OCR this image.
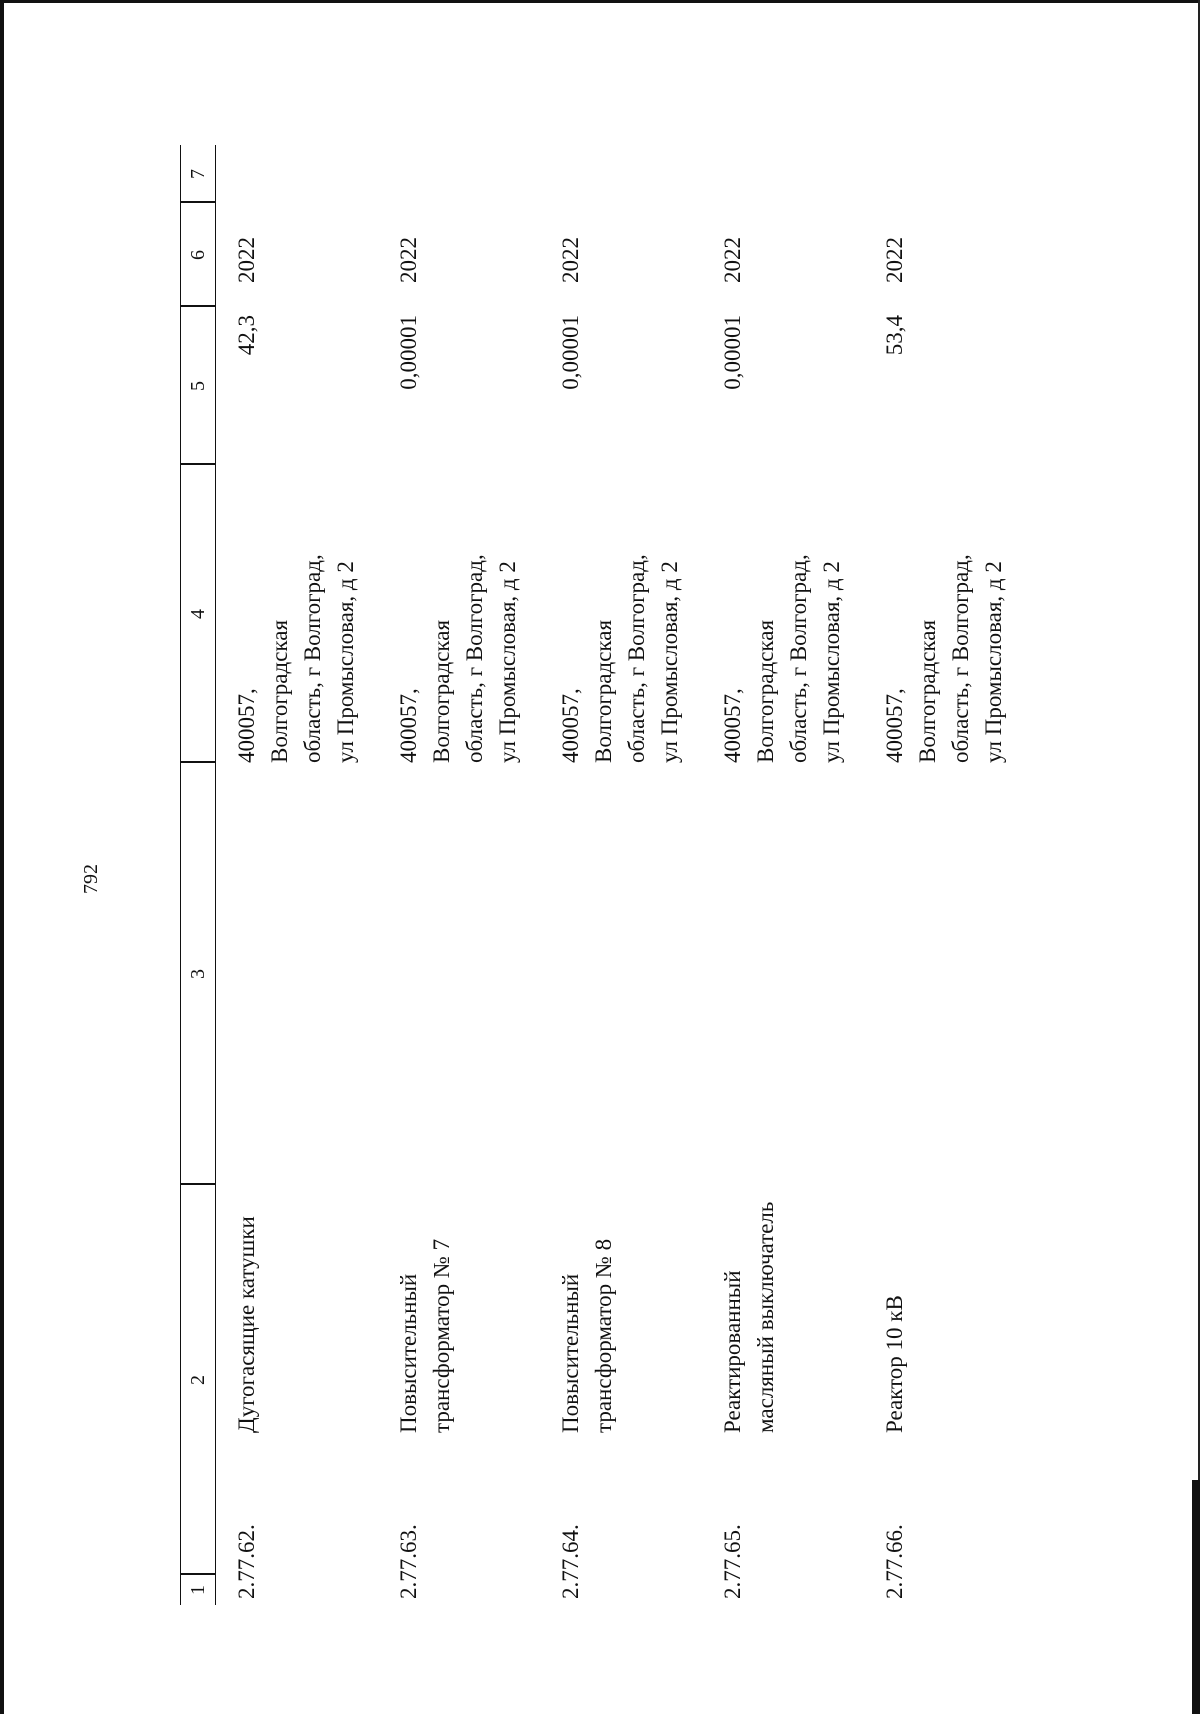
792
1
2
3
4
5
6
7
2.77.62.
Дугогасящие катушки
400057, Волгоградская область, г Волгоград, ул Промысловая, д 2
42,3
2022
2.77.63.
Повысительный трансформатор № 7
400057, Волгоградская область, г Волгоград, ул Промысловая, д 2
0,00001
2022
2.77.64.
Повысительный трансформатор № 8
400057, Волгоградская область, г Волгоград, ул Промысловая, д 2
0,00001
2022
2.77.65.
Реактированный масляный выключатель
400057, Волгоградская область, г Волгоград, ул Промысловая, д 2
0,00001
2022
2.77.66.
Реактор 10 кВ
400057, Волгоградская область, г Волгоград, ул Промысловая, д 2
53,4
2022
